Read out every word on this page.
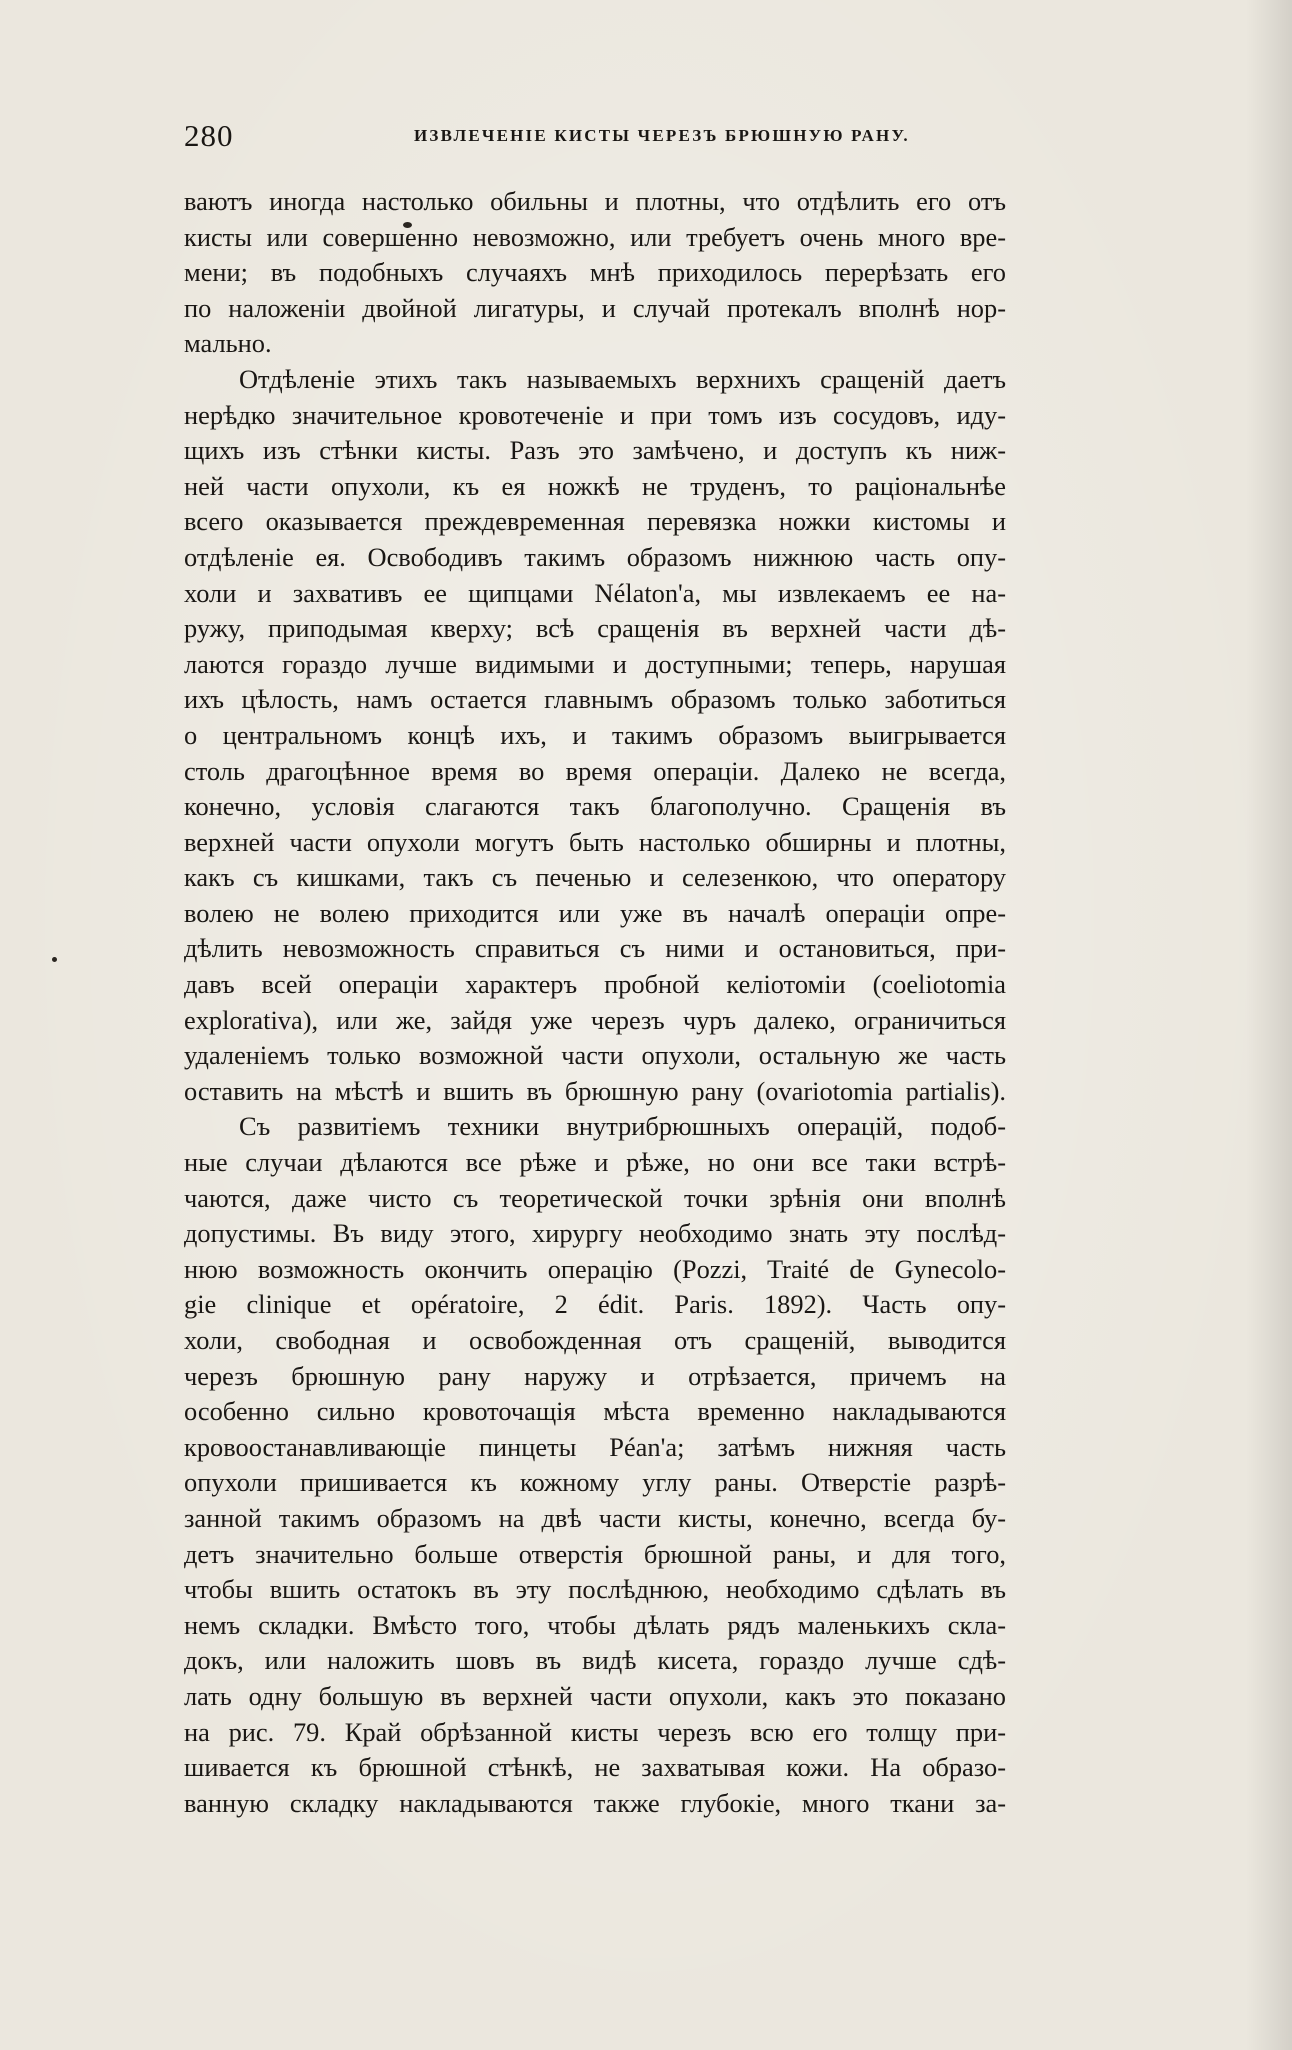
280	ИЗВЛЕЧЕНІЕ КИСТЫ ЧЕРЕЗЪ БРЮШНУЮ РАНУ.
ваютъ иногда настолько обильны и плотны, что отдѣлить его отъ
кисты или совершенно невозможно, или требуетъ очень много вре-
мени; въ подобныхъ случаяхъ мнѣ приходилось перерѣзать его
по наложеніи двойной лигатуры, и случай протекалъ вполнѣ нор-
мально.
Отдѣленіе этихъ такъ называемыхъ верхнихъ сращеній даетъ
нерѣдко значительное кровотеченіе и при томъ изъ сосудовъ, иду-
щихъ изъ стѣнки кисты. Разъ это замѣчено, и доступъ къ ниж-
ней части опухоли, къ ея ножкѣ не труденъ, то раціональнѣе
всего оказывается преждевременная перевязка ножки кистомы и
отдѣленіе ея. Освободивъ такимъ образомъ нижнюю часть опу-
холи и захвативъ ее щипцами Nélaton'а, мы извлекаемъ ее на-
ружу, приподымая кверху; всѣ сращенія въ верхней части дѣ-
лаются гораздо лучше видимыми и доступными; теперь, нарушая
ихъ цѣлость, намъ остается главнымъ образомъ только заботиться
о центральномъ концѣ ихъ, и такимъ образомъ выигрывается
столь драгоцѣнное время во время операціи. Далеко не всегда,
конечно, условія слагаются такъ благополучно. Сращенія въ
верхней части опухоли могутъ быть настолько обширны и плотны,
какъ съ кишками, такъ съ печенью и селезенкою, что оператору
волею не волею приходится или уже въ началѣ операціи опре-
дѣлить невозможность справиться съ ними и остановиться, при-
давъ всей операціи характеръ пробной келіотоміи (coeliotomia
exploratіva), или же, зайдя уже черезъ чуръ далеко, ограничиться
удаленіемъ только возможной части опухоли, остальную же часть
оставить на мѣстѣ и вшить въ брюшную рану (ovariotomia partialis).
Съ развитіемъ техники внутрибрюшныхъ операцій, подоб-
ные случаи дѣлаются все рѣже и рѣже, но они все таки встрѣ-
чаются, даже чисто съ теоретической точки зрѣнія они вполнѣ
допустимы. Въ виду этого, хирургу необходимо знать эту послѣд-
нюю возможность окончить операцію (Pozzi, Traité de Gynecolo-
gie clinique et opératoire, 2 édit. Paris. 1892). Часть опу-
холи, свободная и освобожденная отъ сращеній, выводится
черезъ брюшную рану наружу и отрѣзается, причемъ на
особенно сильно кровоточащія мѣста временно накладываются
кровоостанавливающіе пинцеты Péan'а; затѣмъ нижняя часть
опухоли пришивается къ кожному углу раны. Отверстіе разрѣ-
занной такимъ образомъ на двѣ части кисты, конечно, всегда бу-
детъ значительно больше отверстія брюшной раны, и для того,
чтобы вшить остатокъ въ эту послѣднюю, необходимо сдѣлать въ
немъ складки. Вмѣсто того, чтобы дѣлать рядъ маленькихъ скла-
докъ, или наложить шовъ въ видѣ кисета, гораздо лучше сдѣ-
лать одну большую въ верхней части опухоли, какъ это показано
на рис. 79. Край обрѣзанной кисты черезъ всю его толщу при-
шивается къ брюшной стѣнкѣ, не захватывая кожи. На образо-
ванную складку накладываются также глубокіе, много ткани за-
